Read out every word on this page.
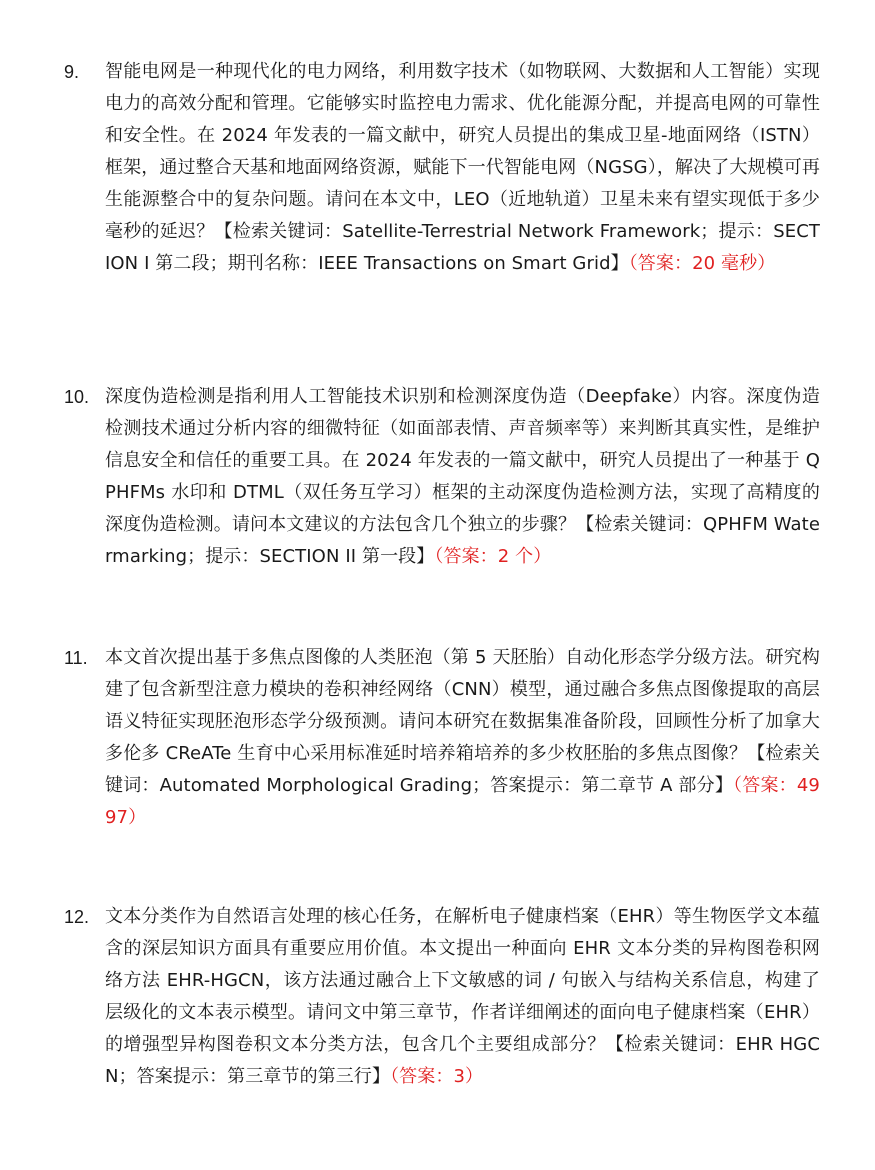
9. 智能电网是一种现代化的电力网络，利用数字技术（如物联网、大数据和人工智能）实现电力的高效分配和管理。它能够实时监控电力需求、优化能源分配，并提高电网的可靠性和安全性。在 2024 年发表的一篇文献中，研究人员提出的集成卫星-地面网络（ISTN）框架，通过整合天基和地面网络资源，赋能下一代智能电网（NGSG），解决了大规模可再生能源整合中的复杂问题。请问在本文中，LEO（近地轨道）卫星未来有望实现低于多少毫秒的延迟？【检索关键词：Satellite-Terrestrial Network Framework；提示：SECTION I 第二段；期刊名称：IEEE Transactions on Smart Grid】（答案：20 毫秒）
10. 深度伪造检测是指利用人工智能技术识别和检测深度伪造（Deepfake）内容。深度伪造检测技术通过分析内容的细微特征（如面部表情、声音频率等）来判断其真实性，是维护信息安全和信任的重要工具。在 2024 年发表的一篇文献中，研究人员提出了一种基于 QPHFMs 水印和 DTML（双任务互学习）框架的主动深度伪造检测方法，实现了高精度的深度伪造检测。请问本文建议的方法包含几个独立的步骤？【检索关键词：QPHFM Watermarking；提示：SECTION II 第一段】（答案：2 个）
11. 本文首次提出基于多焦点图像的人类胚泡（第 5 天胚胎）自动化形态学分级方法。研究构建了包含新型注意力模块的卷积神经网络（CNN）模型，通过融合多焦点图像提取的高层语义特征实现胚泡形态学分级预测。请问本研究在数据集准备阶段，回顾性分析了加拿大多伦多 CReATe 生育中心采用标准延时培养箱培养的多少枚胚胎的多焦点图像？【检索关键词：Automated Morphological Grading；答案提示：第二章节 A 部分】（答案：4997）
12. 文本分类作为自然语言处理的核心任务，在解析电子健康档案（EHR）等生物医学文本蕴含的深层知识方面具有重要应用价值。本文提出一种面向 EHR 文本分类的异构图卷积网络方法 EHR-HGCN，该方法通过融合上下文敏感的词 / 句嵌入与结构关系信息，构建了层级化的文本表示模型。请问文中第三章节，作者详细阐述的面向电子健康档案（EHR）的增强型异构图卷积文本分类方法，包含几个主要组成部分？【检索关键词：EHR HGCN；答案提示：第三章节的第三行】（答案：3）
